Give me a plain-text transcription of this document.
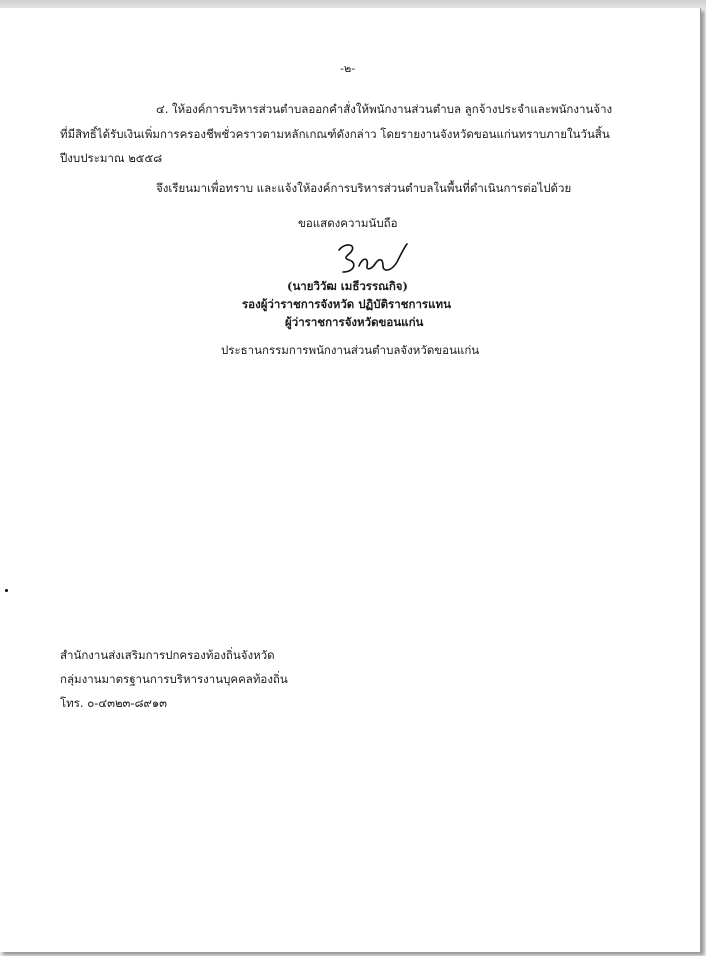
-๒-
๔. ให้องค์การบริหารส่วนตำบลออกคำสั่งให้พนักงานส่วนตำบล ลูกจ้างประจำและพนักงานจ้าง
ที่มีสิทธิ์ได้รับเงินเพิ่มการครองชีพชั่วคราวตามหลักเกณฑ์ดังกล่าว โดยรายงานจังหวัดขอนแก่นทราบภายในวันสิ้น
ปีงบประมาณ ๒๕๕๘
จึงเรียนมาเพื่อทราบ และแจ้งให้องค์การบริหารส่วนตำบลในพื้นที่ดำเนินการต่อไปด้วย
ขอแสดงความนับถือ
(นายวิวัฒ เมธีวรรณกิจ)
รองผู้ว่าราชการจังหวัด ปฏิบัติราชการแทน
ผู้ว่าราชการจังหวัดขอนแก่น
ประธานกรรมการพนักงานส่วนตำบลจังหวัดขอนแก่น
สำนักงานส่งเสริมการปกครองท้องถิ่นจังหวัด
กลุ่มงานมาตรฐานการบริหารงานบุคคลท้องถิ่น
โทร. ๐-๔๓๒๓-๘๙๑๓
